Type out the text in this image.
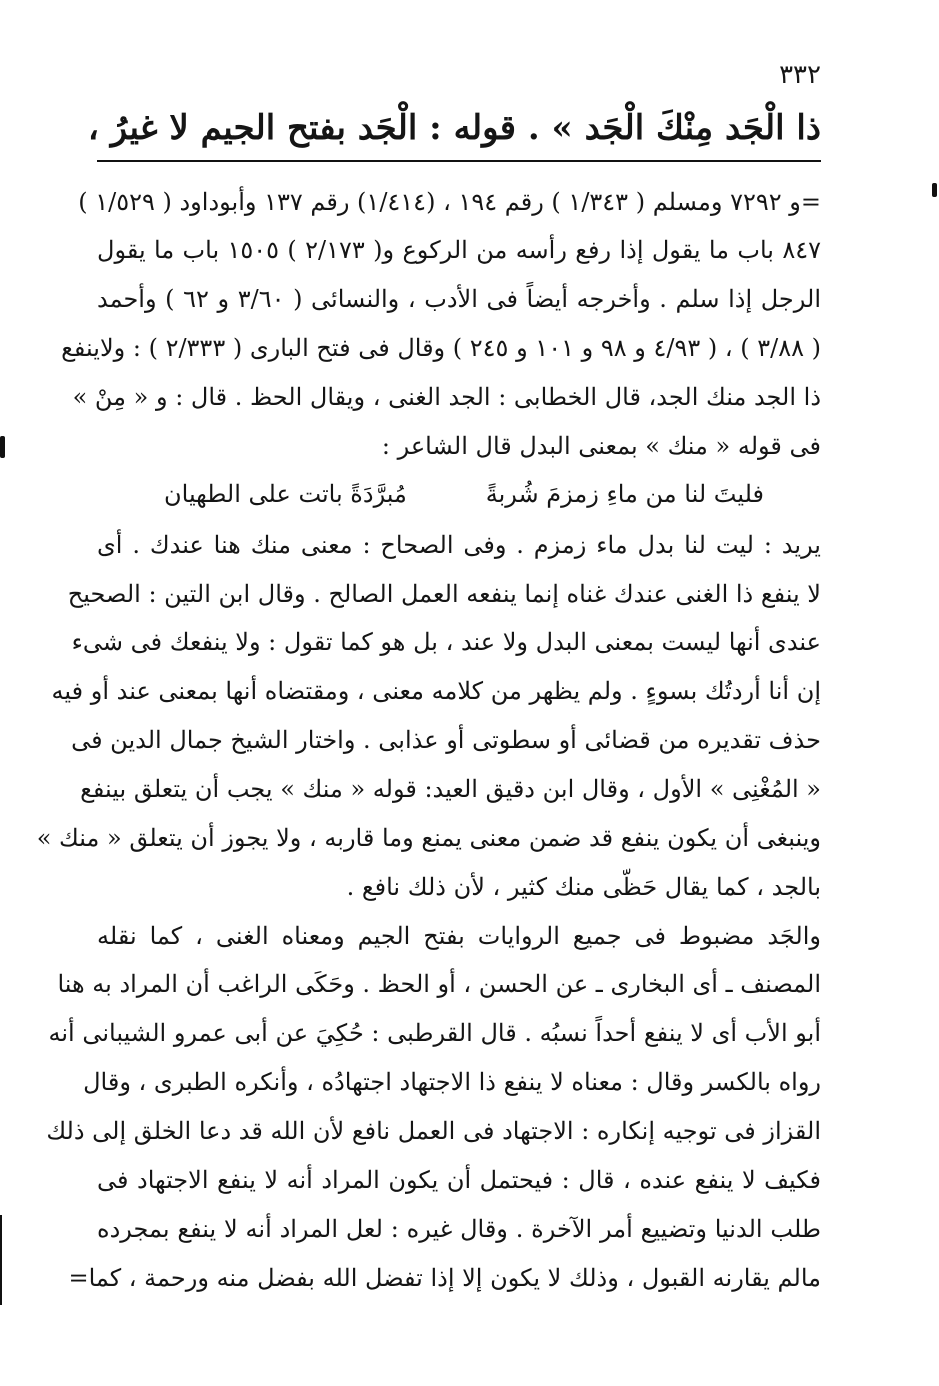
٣٣٢
ذا الْجَد مِنْكَ الْجَد » . قوله : الْجَد بفتح الجيم لا غيرُ ،
=و ٧٢٩٢ ومسلم ( ١/٣٤٣ ) رقم ١٩٤ ، (١/٤١٤) رقم ١٣٧ وأبوداود ( ١/٥٢٩ )
٨٤٧ باب ما يقول إذا رفع رأسه من الركوع و( ٢/١٧٣ ) ١٥٠٥ باب ما يقول
الرجل إذا سلم . وأخرجه أيضاً فى الأدب ، والنسائى ( ٣/٦٠ و ٦٢ ) وأحمد
( ٣/٨٨ ) ، ( ٤/٩٣ و ٩٨ و ١٠١ و ٢٤٥ ) وقال فى فتح البارى ( ٢/٣٣٣ ) : ولاينفع
ذا الجد منك الجد، قال الخطابى : الجد الغنى ، ويقال الحظ . قال : و « مِنْ »
فى قوله « منك » بمعنى البدل قال الشاعر :
فليتَ لنا من ماءِ زمزمَ شُربةً
مُبرَّدَةً باتت على الطهيان
يريد : ليت لنا بدل ماء زمزم . وفى الصحاح : معنى منك هنا عندك . أى
لا ينفع ذا الغنى عندك غناه إنما ينفعه العمل الصالح . وقال ابن التين : الصحيح
عندى أنها ليست بمعنى البدل ولا عند ، بل هو كما تقول : ولا ينفعك فى شىء
إن أنا أردتُك بسوءٍ . ولم يظهر من كلامه معنى ، ومقتضاه أنها بمعنى عند أو فيه
حذف تقديره من قضائى أو سطوتى أو عذابى . واختار الشيخ جمال الدين فى
« المُغْنِى » الأول ، وقال ابن دقيق العيد: قوله « منك » يجب أن يتعلق بينفع
وينبغى أن يكون ينفع قد ضمن معنى يمنع وما قاربه ، ولا يجوز أن يتعلق « منك »
بالجد ، كما يقال حَظّى منك كثير ، لأن ذلك نافع .
والجَد مضبوط فى جميع الروايات بفتح الجيم ومعناه الغنى ، كما نقله
المصنف ـ أى البخارى ـ عن الحسن ، أو الحظ . وحَكَى الراغب أن المراد به هنا
أبو الأب أى لا ينفع أحداً نسبُه . قال القرطبى : حُكِيَ عن أبى عمرو الشيبانى أنه
رواه بالكسر وقال : معناه لا ينفع ذا الاجتهاد اجتهادُه ، وأنكره الطبرى ، وقال
القزاز فى توجيه إنكاره : الاجتهاد فى العمل نافع لأن الله قد دعا الخلق إلى ذلك
فكيف لا ينفع عنده ، قال : فيحتمل أن يكون المراد أنه لا ينفع الاجتهاد فى
طلب الدنيا وتضييع أمر الآخرة . وقال غيره : لعل المراد أنه لا ينفع بمجرده
مالم يقارنه القبول ، وذلك لا يكون إلا إذا تفضل الله بفضل منه ورحمة ، كما=
